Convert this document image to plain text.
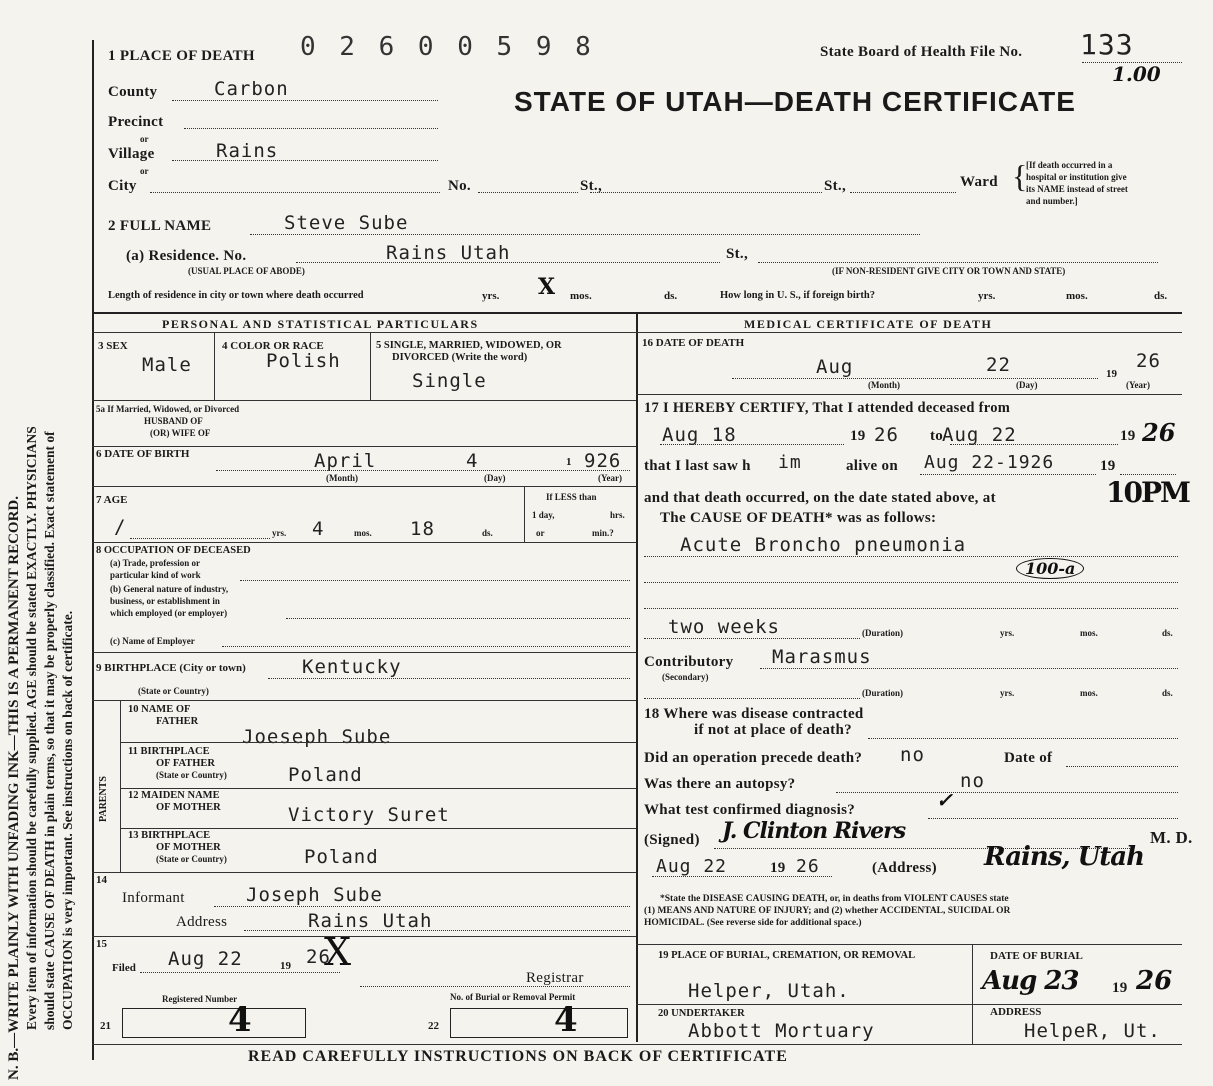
N. B.—WRITE PLAINLY WITH UNFADING INK—THIS IS A PERMANENT RECORD. Every item of information should be carefully supplied. AGE should be stated EXACTLY. PHYSICIANS should state CAUSE OF DEATH in plain terms, so that it may be properly classified. Exact statement of OCCUPATION is very important. See instructions on back of certificate.
1 PLACE OF DEATH 0 2 6 0 0 5 9 8	State Board of Health File No. 133
1.00
STATE OF UTAH—DEATH CERTIFICATE
County	Carbon
Precinct
or
Village	Rains
or
City	No.	St.,	St.,	Ward {
[If death occurred in a
hospital or institution give
its NAME instead of street
and number.]
2 FULL NAME	Steve Sube
(a) Residence. No.	Rains Utah	St.,
(USUAL PLACE OF ABODE)	(IF NON-RESIDENT GIVE CITY OR TOWN AND STATE)
Length of residence in city or town where death occurred	yrs. X mos.	ds.	How long in U. S., if foreign birth?	yrs.	mos.	ds.
PERSONAL AND STATISTICAL PARTICULARS	MEDICAL CERTIFICATE OF DEATH
3 SEX
Male
4 COLOR OR RACE
Polish
5 SINGLE, MARRIED, WIDOWED, OR
DIVORCED (Write the word)
Single
5a If Married, Widowed, or Divorced
HUSBAND OF
(OR) WIFE OF
6 DATE OF BIRTH	April	4	1 926
(Month)	(Day)	(Year)
7 AGE
/	yrs. 4	mos. 18	ds.
If LESS than
1 day,	hrs.
or	min.?
8 OCCUPATION OF DECEASED
(a) Trade, profession or
particular kind of work
(b) General nature of industry,
business, or establishment in
which employed (or employer)
(c) Name of Employer
9 BIRTHPLACE (City or town)	Kentucky
(State or Country)
PARENTS
10 NAME OF
FATHER
Joeseph Sube
11 BIRTHPLACE
OF FATHER
(State or Country)	Poland
12 MAIDEN NAME
OF MOTHER	Victory Suret
13 BIRTHPLACE
OF MOTHER
(State or Country)	Poland
14
Informant	Joseph Sube
Address	Rains Utah
15
Filed Aug 22	19 26
X
Registrar
Registered Number	No. of Burial or Removal Permit
21	4	22	4
16 DATE OF DEATH
Aug	22	19
26
(Month)	(Day)	(Year)
17 I HEREBY CERTIFY, That I attended deceased from
Aug 18	19 26 to
Aug 22	19 26
that I last saw h im	alive on Aug 22-1926	19
and that death occurred, on the date stated above, at	10PM
The CAUSE OF DEATH* was as follows:
Acute Broncho pneumonia
100-a
two weeks	(Duration)	yrs.	mos.	ds.
Contributory
(Secondary)
Marasmus
(Duration)	yrs.	mos.	ds.
18 Where was disease contracted
if not at place of death?
Did an operation precede death? no	Date of
Was there an autopsy?	no
What test confirmed diagnosis?	✓
(Signed) J. Clinton Rivers	M. D.
Aug 22	19 26	(Address) Rains, Utah
*State the DISEASE CAUSING DEATH, or, in deaths from VIOLENT CAUSES state
(1) MEANS AND NATURE OF INJURY; and (2) whether ACCIDENTAL, SUICIDAL OR
HOMICIDAL. (See reverse side for additional space.)
19 PLACE OF BURIAL, CREMATION, OR REMOVAL
Helper, Utah.
DATE OF BURIAL
Aug 23 19 26
20 UNDERTAKER
Abbott Mortuary
ADDRESS
HelpeR, Ut.
READ CAREFULLY INSTRUCTIONS ON BACK OF CERTIFICATE
